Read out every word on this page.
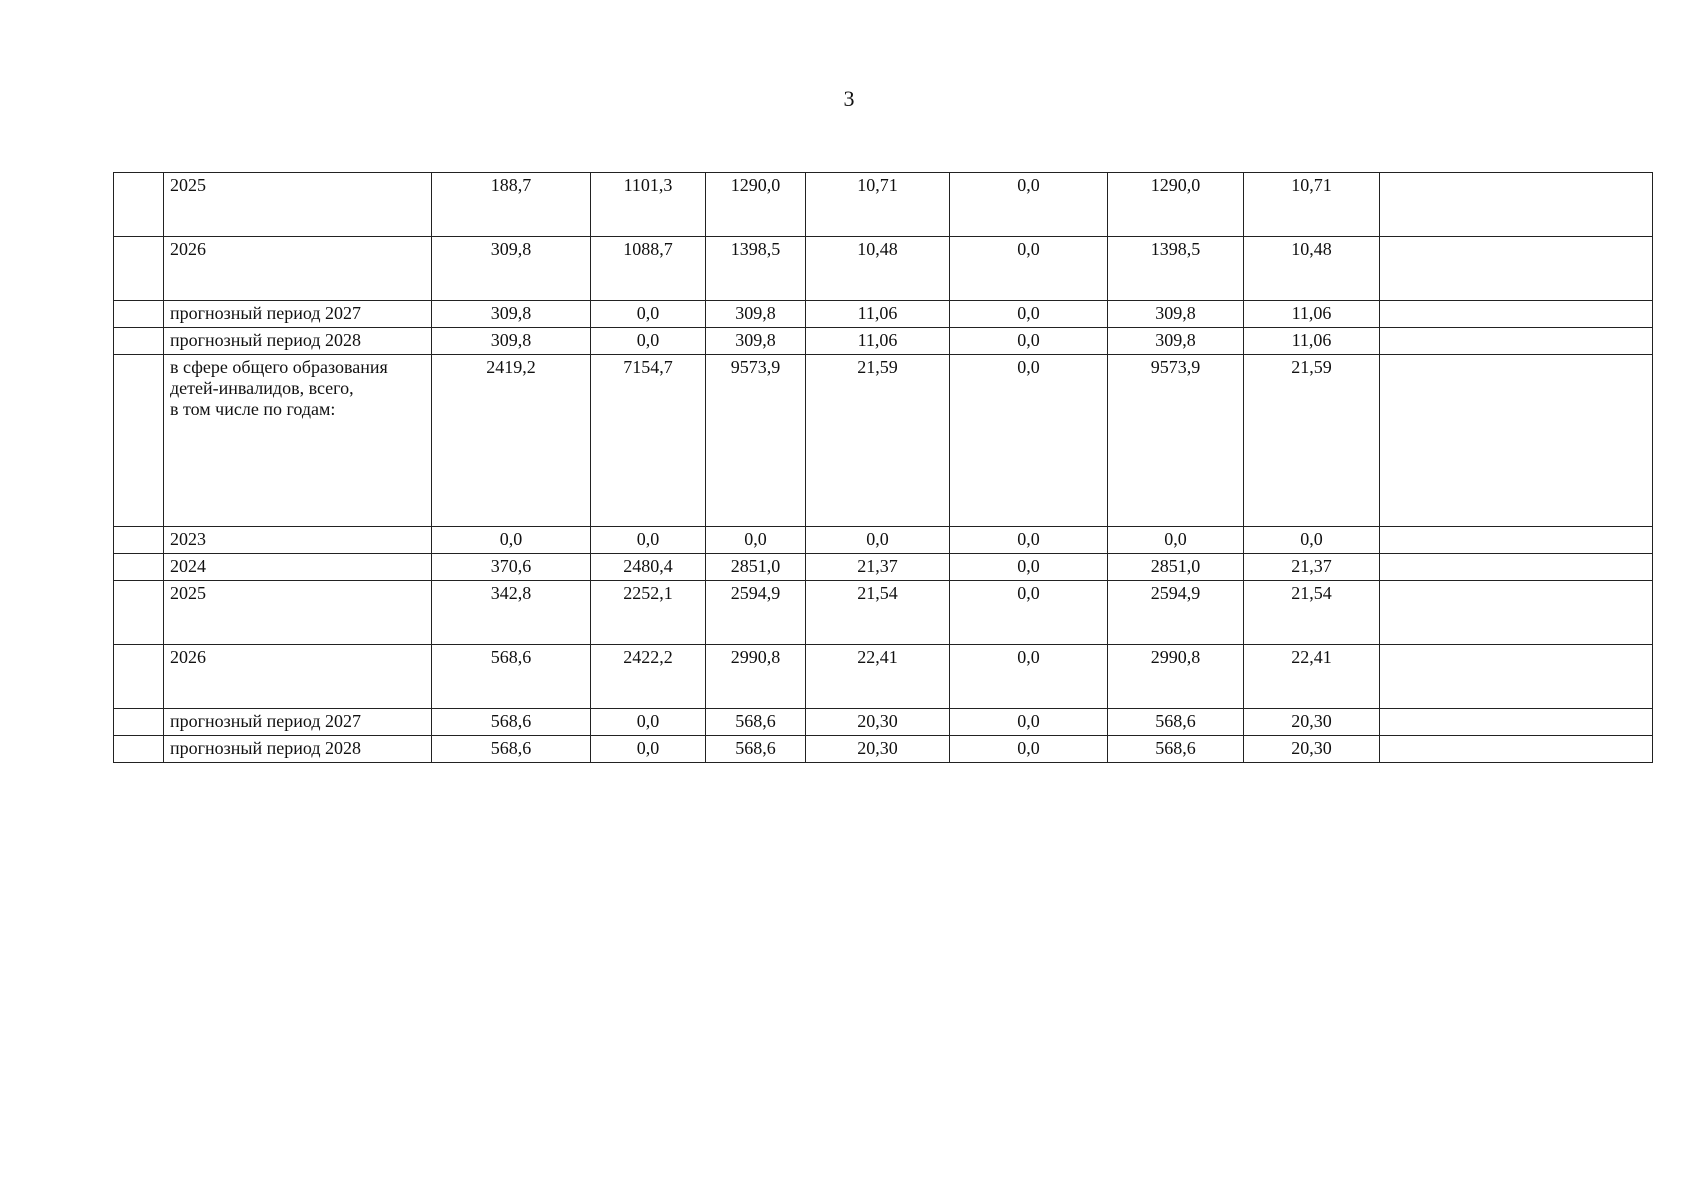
3
	2025	188,7	1101,3	1290,0	10,71	0,0	1290,0	10,71	
	2026	309,8	1088,7	1398,5	10,48	0,0	1398,5	10,48	
	прогнозный период 2027	309,8	0,0	309,8	11,06	0,0	309,8	11,06	
	прогнозный период 2028	309,8	0,0	309,8	11,06	0,0	309,8	11,06	

	в сфере общего образования
детей-инвалидов, всего,
в том числе по годам:	2419,2	7154,7	9573,9	21,59	0,0	9573,9	21,59	
	2023	0,0	0,0	0,0	0,0	0,0	0,0	0,0	
	2024	370,6	2480,4	2851,0	21,37	0,0	2851,0	21,37	
	2025	342,8	2252,1	2594,9	21,54	0,0	2594,9	21,54	
	2026	568,6	2422,2	2990,8	22,41	0,0	2990,8	22,41	
	прогнозный период 2027	568,6	0,0	568,6	20,30	0,0	568,6	20,30	
	прогнозный период 2028	568,6	0,0	568,6	20,30	0,0	568,6	20,30	
